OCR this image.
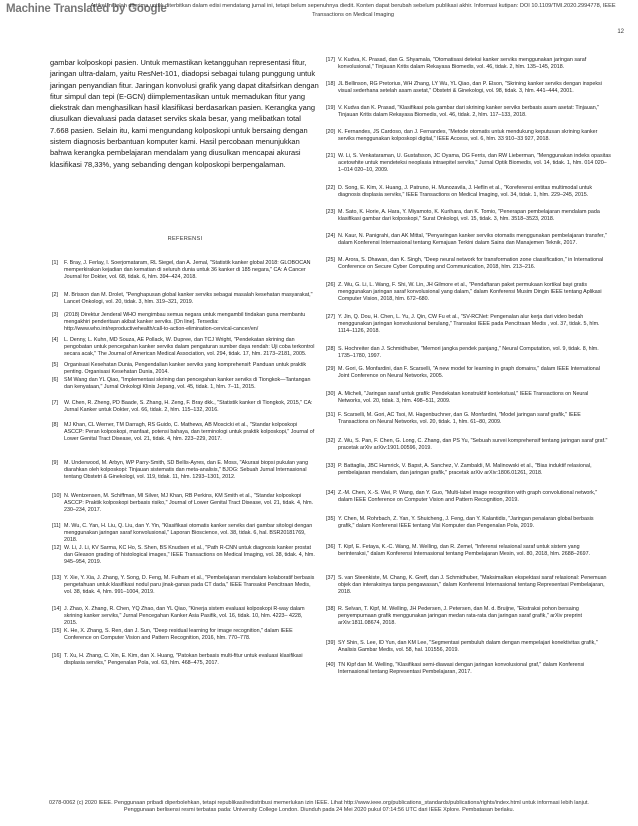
Machine Translated by Google
Artikel ini telah diterima untuk diterbitkan dalam edisi mendatang jurnal ini, tetapi belum sepenuhnya diedit. Konten dapat berubah sebelum publikasi akhir. Informasi kutipan: DOI 10.1109/TMI.2020.2994778, IEEE
Transactions on Medical Imaging
12
gambar kolposkopi pasien. Untuk memastikan ketangguhan representasi fitur, jaringan ultra-dalam, yaitu ResNet-101, diadopsi sebagai tulang punggung untuk jaringan penyandian fitur. Jaringan konvolusi grafik yang dapat ditafsirkan dengan fitur simpul dan tepi (E-GCN) diimplementasikan untuk memadukan fitur yang diekstrak dan menghasilkan hasil klasifikasi berdasarkan pasien. Kerangka yang diusulkan dievaluasi pada dataset serviks skala besar, yang melibatkan total 7.668 pasien. Selain itu, kami mengundang kolposkopi untuk bersaing dengan sistem diagnosis berbantuan komputer kami. Hasil percobaan menunjukkan bahwa kerangka pembelajaran mendalam yang diusulkan mencapai akurasi klasifikasi 78,33%, yang sebanding dengan kolposkopi berpengalaman.
REFERENSI
[1]	F. Bray, J. Ferlay, I. Soerjomataram, RL Siegel, dan A. Jemal, "Statistik kanker global 2018: GLOBOCAN memperkirakan kejadian dan kematian di seluruh dunia untuk 36 kanker di 185 negara," CA: A Cancer Journal for Dokter, vol. 68, tidak. 6, hlm. 394–424, 2018.
[2]	M. Brisson dan M. Drolet, "Penghapusan global kanker serviks sebagai masalah kesehatan masyarakat," Lancet Onkologi, vol. 20, tidak. 3, hlm. 319–321, 2019.
[3]	(2018) Direktur Jenderal WHO mengimbau semua negara untuk mengambil tindakan guna membantu mengakhiri penderitaan akibat kanker serviks. [On line]. Tersedia: http://www.who.int/reproductivehealth/call-to-action-elimination-cervical-cancer/en/
[4]	L. Denny, L. Kuhn, MD Souza, AE Pollack, W. Dupree, dan TCJ Wright, "Pendekatan skrining dan pengobatan untuk pencegahan kanker serviks dalam pengaturan sumber daya rendah: Uji coba terkontrol secara acak," The Journal of American Medical Association, vol. 294, tidak. 17, hlm. 2173–2181, 2005.
[5]	Organisasi Kesehatan Dunia, Pengendalian kanker serviks yang komprehensif: Panduan untuk praktik penting. Organisasi Kesehatan Dunia, 2014.
[6]	SM Wang dan YL Qiao, "Implementasi skrining dan pencegahan kanker serviks di Tiongkok—Tantangan dan kenyataan," Jurnal Onkologi Klinis Jepang, vol. 45, tidak. 1, hlm. 7–11, 2015.
[7]	W. Chen, R. Zheng, PD Baade, S. Zhang, H. Zeng, F. Bray dkk., "Statistik kanker di Tiongkok, 2015," CA: Jurnal Kanker untuk Dokter, vol. 66, tidak. 2, hlm. 115–132, 2016.
[8]	MJ Khan, CL Werner, TM Darragh, RS Guido, C. Mathews, AB Moscicki et al., "Standar kolposkopi ASCCP: Peran kolposkopi, manfaat, potensi bahaya, dan terminologi untuk praktik kolposkopi," Journal of Lower Genital Tract Disease, vol. 21, tidak. 4, hlm. 223–229, 2017.
[9]	M. Underwood, M. Arbyn, WP Parry-Smith, SD Bellis-Ayres, dan E. Moss, "Akurasi biopsi pukulan yang diarahkan oleh kolposkopi: Tinjauan sistematis dan meta-analisis," BJOG: Sebuah Jurnal Internasional tentang Obstetri & Ginekologi, vol. 119, tidak. 11, hlm. 1293–1301, 2012.
[10] N. Wentzensen, M. Schiffman, MI Silver, MJ Khan, RB Perkins, KM Smith et al., "Standar kolposkopi ASCCP: Praktik kolposkopi berbasis risiko," Journal of Lower Genital Tract Disease, vol. 21, tidak. 4, hlm. 230–234, 2017.
[11] M. Wu, C. Yan, H. Liu, Q. Liu, dan Y. Yin, "Klasifikasi otomatis kanker serviks dari gambar sitologi dengan menggunakan jaringan saraf konvolusional," Laporan Bioscience, vol. 38, tidak. 6, hal. BSR20181769, 2018.
[12] W. Li, J. Li, KV Sarma, KC Ho, S. Shen, BS Knudsen et al., "Path R-CNN untuk diagnosis kanker prostat dan Gleason grading of histological images," IEEE Transactions on Medical Imaging, vol. 38, tidak. 4, hlm. 945–954, 2019.
[13] Y. Xie, Y. Xia, J. Zhang, Y. Song, D. Feng, M. Fulham et al., "Pembelajaran mendalam kolaboratif berbasis pengetahuan untuk klasifikasi nodul paru jinak-ganas pada CT dada," IEEE Transaksi Pencitraan Medis, vol. 38, tidak. 4, hlm. 991–1004, 2019.
[14] J. Zhao, X. Zhang, R. Chen, YQ Zhao, dan YL Qiao, "Kinerja sistem evaluasi kolposkopi R-way dalam skrining kanker serviks," Jurnal Pencegahan Kanker Asia Pasifik, vol. 16, tidak. 10, hlm. 4223– 4228, 2015.
[15] K. He, X. Zhang, S. Ren, dan J. Sun, "Deep residual learning for image recognition," dalam IEEE Conference on Computer Vision and Pattern Recognition, 2016, hlm. 770–778.
[16] T. Xu, H. Zhang, C. Xin, E. Kim, dan X. Huang, "Patokan berbasis multi-fitur untuk evaluasi klasifikasi displasia serviks," Pengenalan Pola, vol. 63, hlm. 468–475, 2017.
[17] V. Kudva, K. Prasad, dan G. Shyamala, "Otomatisasi deteksi kanker serviks menggunakan jaringan saraf konvolusional," Tinjauan Kritis dalam Rekayasa Biomedis, vol. 46, tidak. 2, hlm. 135–145, 2018.
[18] JL Bellinson, RG Pretorius, WH Zhang, LY Wu, YL Qiao, dan P. Elson, "Skrining kanker serviks dengan inspeksi visual sederhana setelah asam asetat," Obstetri & Ginekologi, vol. 98, tidak. 3, hlm. 441–444, 2001.
[19] V. Kudva dan K. Prasad, "Klasifikasi pola gambar dari skrining kanker serviks berbasis asam asetat: Tinjauan," Tinjauan Kritis dalam Rekayasa Biomedis, vol. 46, tidak. 2, hlm. 117–133, 2018.
[20] K. Fernandes, JS Cardoso, dan J. Fernandes, "Metode otomatis untuk mendukung keputusan skrining kanker serviks menggunakan kolposkopi digital," IEEE Access, vol. 6, hlm. 33 910–33 927, 2018.
[21] W. Li, S. Venkataraman, U. Gustafsson, JC Oyama, DG Ferris, dan RW Lieberman, "Menggunakan indeks opasitas acetowhite untuk mendeteksi neoplasia intraepitel serviks," Jurnal Optik Biomedis, vol. 14, tidak. 1, hlm. 014 020–1–014 020–10, 2009.
[22] D. Song, E. Kim, X. Huang, J. Patruno, H. Munozavila, J. Heflin et al., "Koreferensi entitas multimodal untuk diagnosis displasia serviks," IEEE Transactions on Medical Imaging, vol. 34, tidak. 1, hlm. 229–245, 2015.
[23] M. Sato, K. Horie, A. Hara, Y. Miyamoto, K. Kurihara, dan K. Tomio, "Penerapan pembelajaran mendalam pada klasifikasi gambar dari kolposkopi," Surat Onkologi, vol. 15, tidak. 3, hlm. 3518–3523, 2018.
[24] N. Kaur, N. Panigrahi, dan AK Mittal, "Penyaringan kanker serviks otomatis menggunakan pembelajaran transfer," dalam Konferensi Internasional tentang Kemajuan Terkini dalam Sains dan Manajemen Teknik, 2017.
[25] M. Arora, S. Dhawan, dan K. Singh, "Deep neural network for transformation zone classification," in International Conference on Secure Cyber Computing and Communication, 2018, hlm. 213–216.
[26] Z. Wu, G. Li, L. Wang, F. Shi, W. Lin, JH Gilmore et al., "Pendaftaran paket permukaan kortikal bayi gratis menggunakan jaringan saraf konvolusional yang dalam," dalam Konferensi Musim Dingin IEEE tentang Aplikasi Computer Vision, 2018, hlm. 672–680.
[27] Y. Jin, Q. Dou, H. Chen, L. Yu, J. Qin, CW Fu et al., "SV-RCNet: Pengenalan alur kerja dari video bedah menggunakan jaringan konvolusional berulang," Transaksi IEEE pada Pencitraan Medis , vol. 37, tidak. 5, hlm. 1114–1126, 2018.
[28] S. Hochreiter dan J. Schmidhuber, "Memori jangka pendek panjang," Neural Computation, vol. 9, tidak. 8, hlm. 1735–1780, 1997.
[29] M. Gori, G. Monfardini, dan F. Scarselli, "A new model for learning in graph domains," dalam IEEE International Joint Conference on Neural Networks, 2005.
[30] A. Micheli, "Jaringan saraf untuk grafik: Pendekatan konstruktif kontekstual," IEEE Transactions on Neural Networks, vol. 20, tidak. 3, hlm. 498–511, 2009.
[31] F. Scarselli, M. Gori, AC Tsoi, M. Hagenbuchner, dan G. Monfardini, "Model jaringan saraf grafik," IEEE Transactions on Neural Networks, vol. 20, tidak. 1, hlm. 61–80, 2009.
[32] Z. Wu, S. Pan, F. Chen, G. Long, C. Zhang, dan PS Yu, "Sebuah survei komprehensif tentang jaringan saraf graf." pracetak arXiv arXiv:1901.00596, 2019.
[33] P. Battaglia, JBC Hamrick, V. Bapst, A. Sanchez, V. Zambaldi, M. Malinowski et al., "Bias induktif relasional, pembelajaran mendalam, dan jaringan grafik," pracetak arXiv arXiv:1806.01261, 2018.
[34] Z.-M. Chen, X.-S. Wei, P. Wang, dan Y. Guo, "Multi-label image recognition with graph convolutional network," dalam IEEE Conference on Computer Vision and Pattern Recognition, 2019.
[35] Y. Chen, M. Rohrbach, Z. Yan, Y. Shuicheng, J. Feng, dan Y. Kalantidis, "Jaringan penalaran global berbasis grafik," dalam Konferensi IEEE tentang Visi Komputer dan Pengenalan Pola, 2019.
[36] T. Kipf, E. Fetaya, K.-C. Wang, M. Welling, dan R. Zemel, "Inferensi relasional saraf untuk sistem yang berinteraksi," dalam Konferensi Internasional tentang Pembelajaran Mesin, vol. 80, 2018, hlm. 2688–2697.
[37] S. van Steenkiste, M. Chang, K. Greff, dan J. Schmidhuber, "Maksimalkan ekspektasi saraf relasional: Penemuan objek dan interaksinya tanpa pengawasan," dalam Konferensi Internasional tentang Representasi Pembelajaran, 2018.
[38] R. Selvan, T. Kipf, M. Welling, JH Pedersen, J. Petersen, dan M. d. Bruijne, "Ekstraksi pohon bersaing penyempurnaan grafik menggunakan jaringan medan rata-rata dan jaringan saraf grafik," arXiv preprint arXiv:1811.08674, 2018.
[39] SY Shin, S. Lee, ID Yun, dan KM Lee, "Segmentasi pembuluh dalam dengan mempelajari konektivitas grafik," Analisis Gambar Medis, vol. 58, hal. 101556, 2019.
[40] TN Kipf dan M. Welling, "Klasifikasi semi-diawasi dengan jaringan konvolusional graf," dalam Konferensi Internasional tentang Representasi Pembelajaran, 2017.
0278-0062 (c) 2020 IEEE. Penggunaan pribadi diperbolehkan, tetapi republikasi/redistribusi memerlukan izin IEEE. Lihat http://www.ieee.org/publications_standards/publications/rights/index.html untuk informasi lebih lanjut.
Penggunaan berlisensi resmi terbatas pada: University College London. Diunduh pada 24 Mei 2020 pukul 07:14:56 UTC dari IEEE Xplore. Pembatasan berlaku.
